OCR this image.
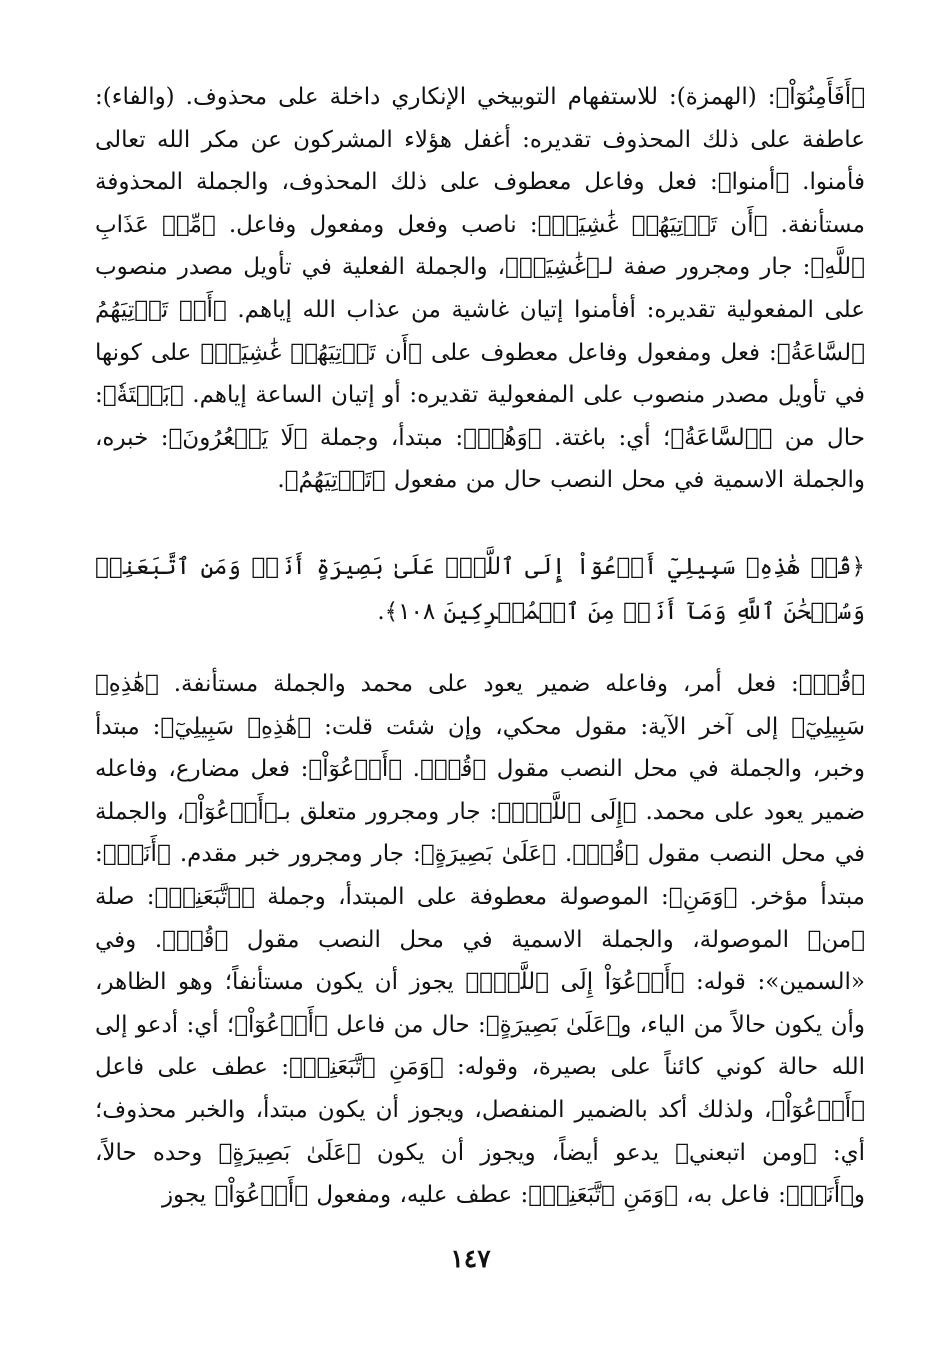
﴿أَفَأَمِنُوٓاْ﴾: (الهمزة): للاستفهام التوبيخي الإنكاري داخلة على محذوف. (والفاء): عاطفة على ذلك المحذوف تقديره: أغفل هؤلاء المشركون عن مكر الله تعالى فأمنوا. ﴿أمنوا﴾: فعل وفاعل معطوف على ذلك المحذوف، والجملة المحذوفة مستأنفة. ﴿أَن تَأۡتِيَهُمۡ غَٰشِيَةٞ﴾: ناصب وفعل ومفعول وفاعل. ﴿مِّنۡ عَذَابِ ٱللَّهِ﴾: جار ومجرور صفة لـ﴿غَٰشِيَةٞ﴾، والجملة الفعلية في تأويل مصدر منصوب على المفعولية تقديره: أفأمنوا إتيان غاشية من عذاب الله إياهم. ﴿أَوۡ تَأۡتِيَهُمُ ٱلسَّاعَةُ﴾: فعل ومفعول وفاعل معطوف على ﴿أَن تَأۡتِيَهُمۡ غَٰشِيَةٞ﴾ على كونها في تأويل مصدر منصوب على المفعولية تقديره: أو إتيان الساعة إياهم. ﴿بَغۡتَةٗ﴾: حال من ﴿ٱلسَّاعَةُ﴾؛ أي: باغتة. ﴿وَهُمۡ﴾: مبتدأ، وجملة ﴿لَا يَشۡعُرُونَ﴾: خبره، والجملة الاسمية في محل النصب حال من مفعول ﴿تَأۡتِيَهُمُ﴾.

﴿قُلۡ هَٰذِهِۦ سَبِيلِيٓ أَدۡعُوٓاْ إِلَى ٱللَّهِۚ عَلَىٰ بَصِيرَةٍ أَنَا۠ وَمَنِ ٱتَّبَعَنِيۖ وَسُبۡحَٰنَ ٱللَّهِ وَمَآ أَنَا۠ مِنَ ٱلۡمُشۡرِكِينَ ١٠٨﴾.

﴿قُلۡ﴾: فعل أمر، وفاعله ضمير يعود على محمد والجملة مستأنفة. ﴿هَٰذِهِۦ سَبِيلِيٓ﴾ إلى آخر الآية: مقول محكي، وإن شئت قلت: ﴿هَٰذِهِۦ سَبِيلِيٓ﴾: مبتدأ وخبر، والجملة في محل النصب مقول ﴿قُلۡ﴾. ﴿أَدۡعُوٓاْ﴾: فعل مضارع، وفاعله ضمير يعود على محمد. ﴿إِلَى ٱللَّهِۚ﴾: جار ومجرور متعلق بـ﴿أَدۡعُوٓاْ﴾، والجملة في محل النصب مقول ﴿قُلۡ﴾. ﴿عَلَىٰ بَصِيرَةٍ﴾: جار ومجرور خبر مقدم. ﴿أَنَا۠﴾: مبتدأ مؤخر. ﴿وَمَنِ﴾: الموصولة معطوفة على المبتدأ، وجملة ﴿ٱتَّبَعَنِيۖ﴾: صلة ﴿من﴾ الموصولة، والجملة الاسمية في محل النصب مقول ﴿قُلۡ﴾. وفي «السمين»: قوله: ﴿أَدۡعُوٓاْ إِلَى ٱللَّهِۚ﴾ يجوز أن يكون مستأنفاً؛ وهو الظاهر، وأن يكون حالاً من الياء، و﴿عَلَىٰ بَصِيرَةٍ﴾: حال من فاعل ﴿أَدۡعُوٓاْ﴾؛ أي: أدعو إلى الله حالة كوني كائناً على بصيرة، وقوله: ﴿وَمَنِ ٱتَّبَعَنِيۖ﴾: عطف على فاعل ﴿أَدۡعُوٓاْ﴾، ولذلك أكد بالضمير المنفصل، ويجوز أن يكون مبتدأ، والخبر محذوف؛ أي: ﴿ومن اتبعني﴾ يدعو أيضاً، ويجوز أن يكون ﴿عَلَىٰ بَصِيرَةٍ﴾ وحده حالاً، و﴿أَنَا۠﴾: فاعل به، ﴿وَمَنِ ٱتَّبَعَنِيۖ﴾: عطف عليه، ومفعول ﴿أَدۡعُوٓاْ﴾ يجوز

١٤٧
